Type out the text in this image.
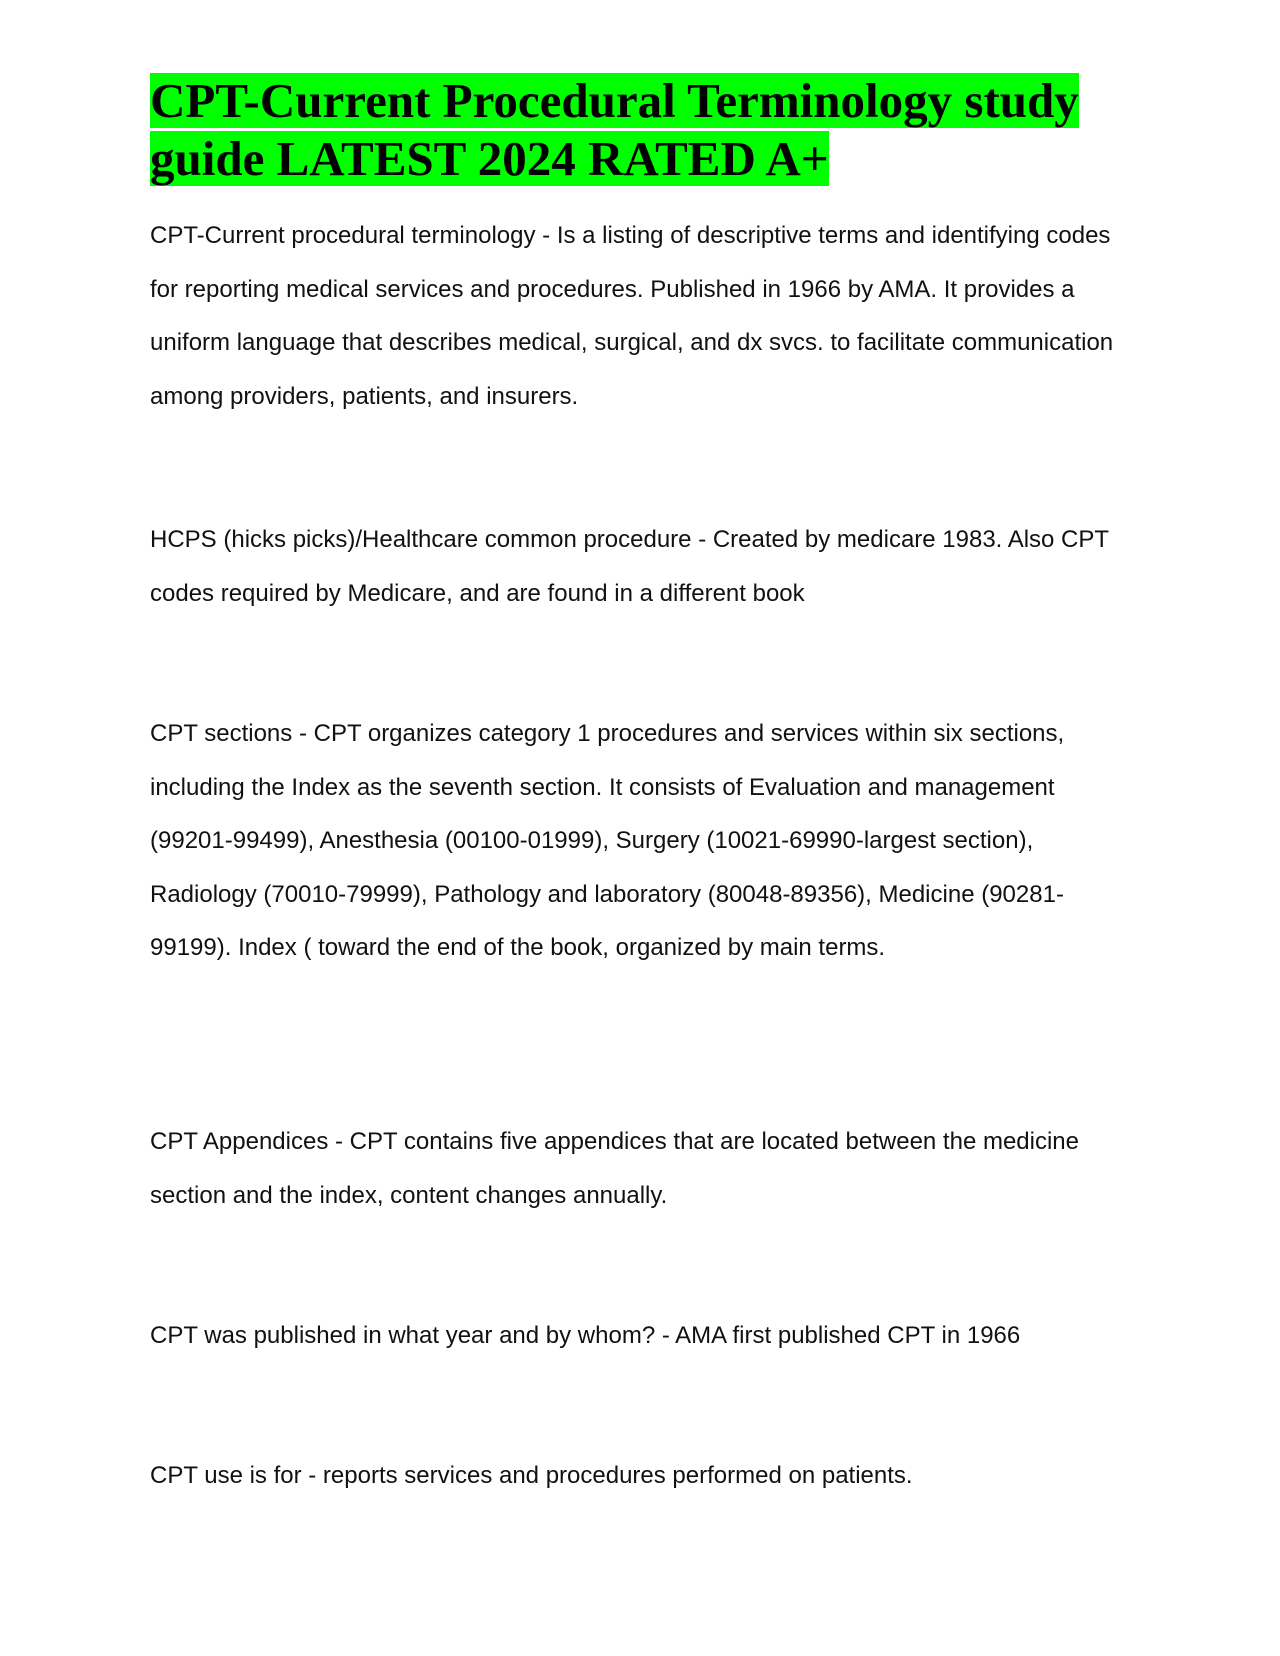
CPT-Current Procedural Terminology study guide LATEST 2024 RATED A+

CPT-Current procedural terminology - Is a listing of descriptive terms and identifying codes for reporting medical services and procedures. Published in 1966 by AMA. It provides a uniform language that describes medical, surgical, and dx svcs. to facilitate communication among providers, patients, and insurers.

HCPS (hicks picks)/Healthcare common procedure - Created by medicare 1983. Also CPT codes required by Medicare, and are found in a different book

CPT sections - CPT organizes category 1 procedures and services within six sections, including the Index as the seventh section. It consists of Evaluation and management (99201-99499), Anesthesia (00100-01999), Surgery (10021-69990-largest section), Radiology (70010-79999), Pathology and laboratory (80048-89356), Medicine (90281-99199). Index ( toward the end of the book, organized by main terms.

CPT Appendices - CPT contains five appendices that are located between the medicine section and the index, content changes annually.

CPT was published in what year and by whom? - AMA first published CPT in 1966

CPT use is for - reports services and procedures performed on patients.
